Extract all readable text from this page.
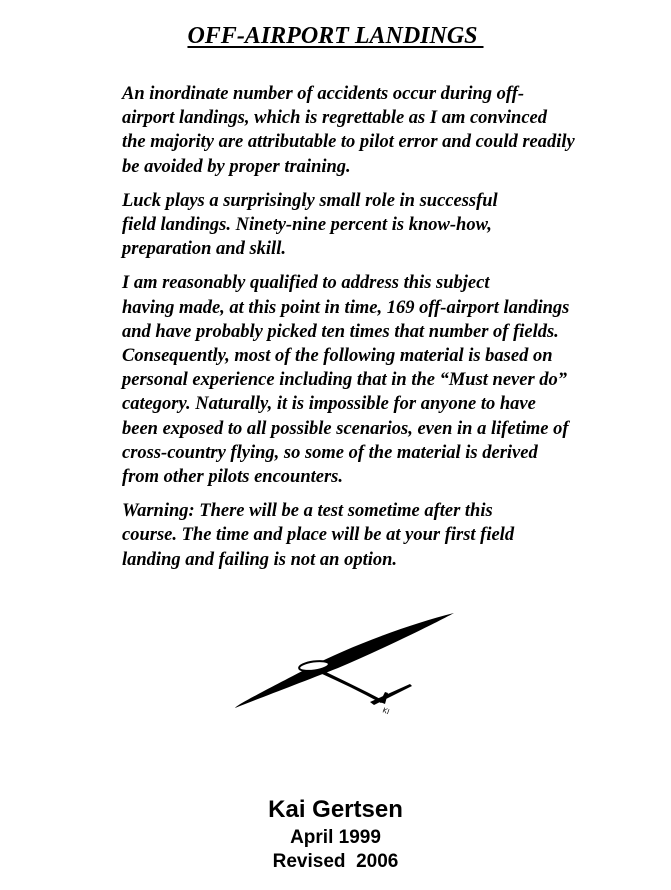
OFF-AIRPORT LANDINGS

An inordinate number of accidents occur during off-
airport landings, which is regrettable as I am convinced
the majority are attributable to pilot error and could readily
be avoided by proper training.

Luck plays a surprisingly small role in successful
field landings. Ninety-nine percent is know-how,
preparation and skill.

I am reasonably qualified to address this subject
having made, at this point in time, 169 off-airport landings
and have probably picked ten times that number of fields.
Consequently, most of the following material is based on
personal experience including that in the “Must never do”
category. Naturally, it is impossible for anyone to have
been exposed to all possible scenarios, even in a lifetime of
cross-country flying, so some of the material is derived
from other pilots encounters.

Warning: There will be a test sometime after this
course. The time and place will be at your first field
landing and failing is not an option.

KI
Kai Gertsen
April 1999
Revised  2006
